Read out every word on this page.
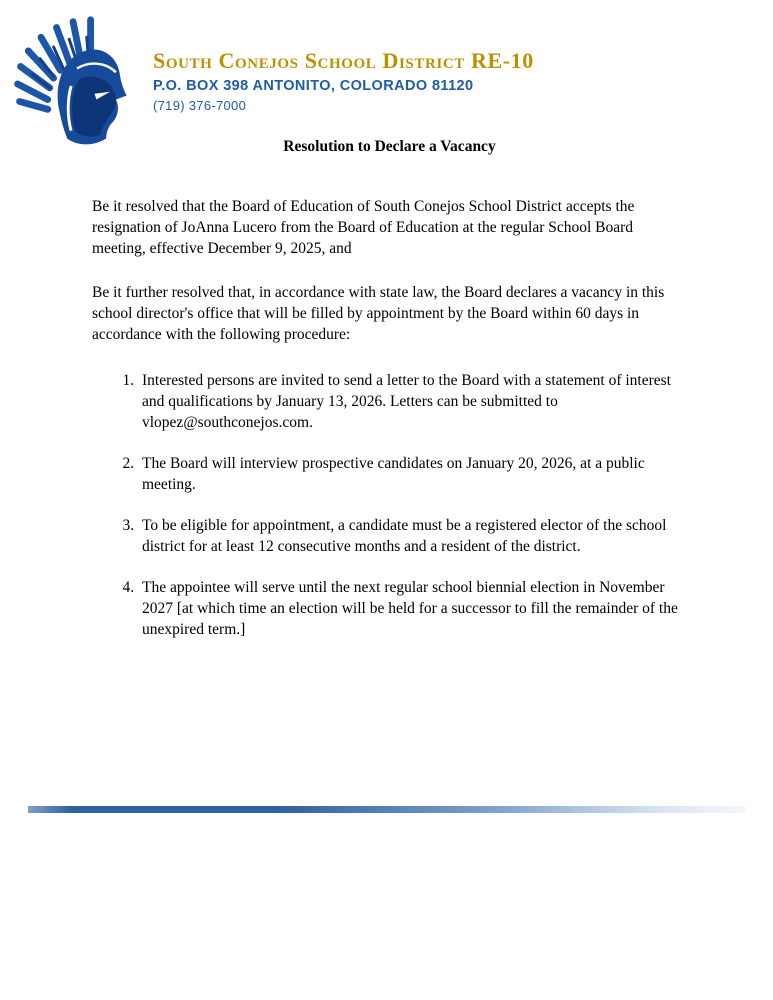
South Conejos School District RE-10
P.O. BOX 398 ANTONITO, COLORADO 81120
(719) 376-7000
Resolution to Declare a Vacancy

Be it resolved that the Board of Education of South Conejos School District accepts the resignation of JoAnna Lucero from the Board of Education at the regular School Board meeting, effective December 9, 2025, and

Be it further resolved that, in accordance with state law, the Board declares a vacancy in this school director's office that will be filled by appointment by the Board within 60 days in accordance with the following procedure:

1. Interested persons are invited to send a letter to the Board with a statement of interest and qualifications by January 13, 2026. Letters can be submitted to vlopez@southconejos.com.
2. The Board will interview prospective candidates on January 20, 2026, at a public meeting.
3. To be eligible for appointment, a candidate must be a registered elector of the school district for at least 12 consecutive months and a resident of the district.
4. The appointee will serve until the next regular school biennial election in November 2027 [at which time an election will be held for a successor to fill the remainder of the unexpired term.]
